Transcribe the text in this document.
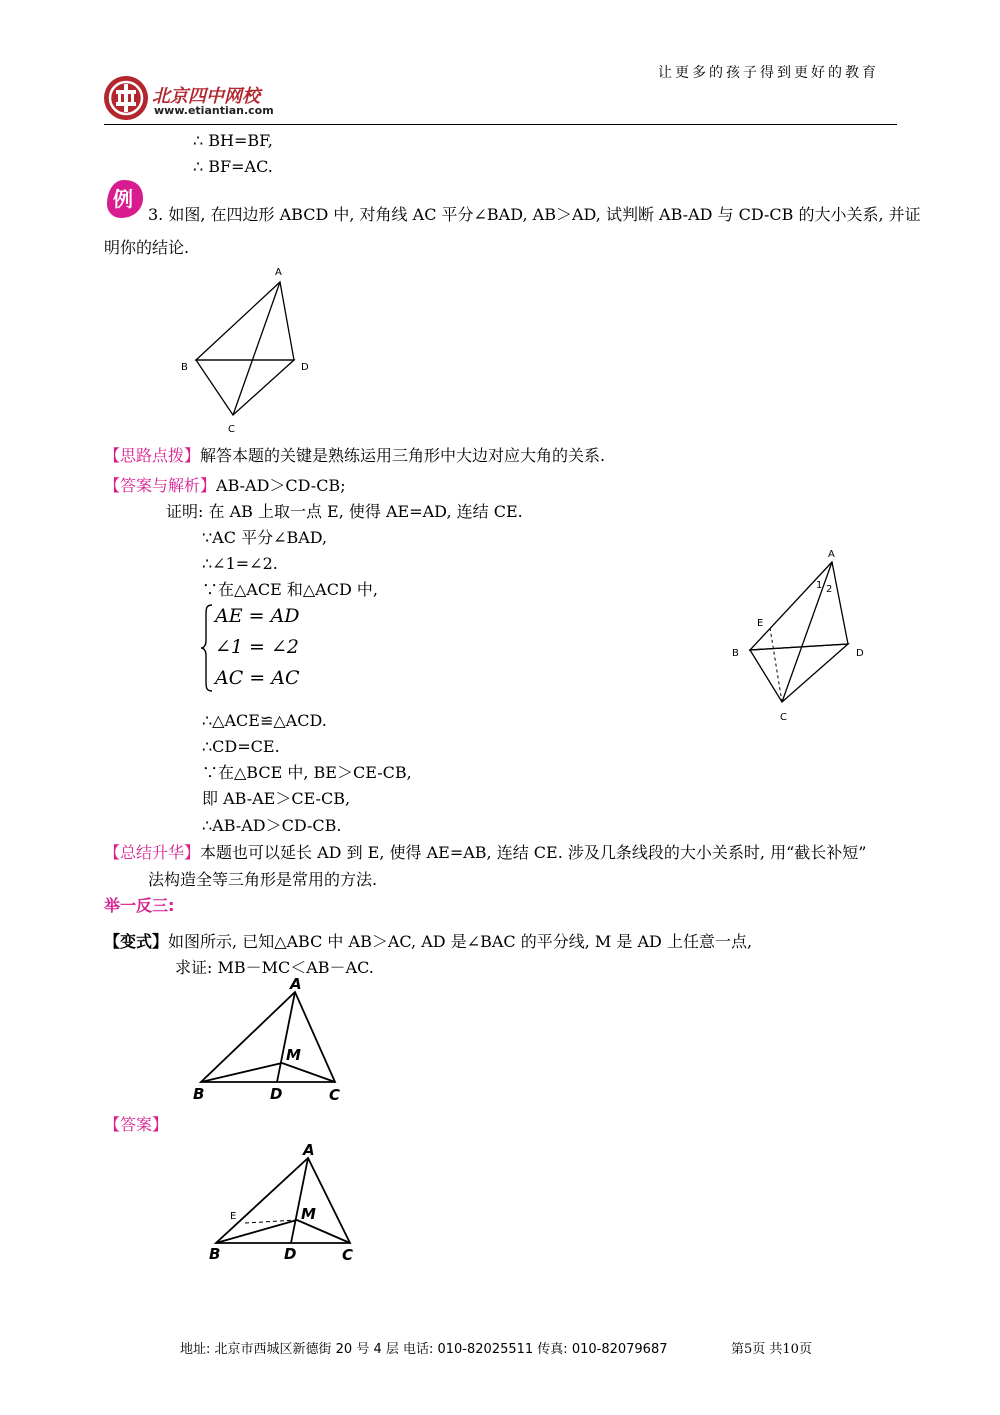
让更多的孩子得到更好的教育
北京四中网校
www.etiantian.com
∴ BH=BF,
∴ BF=AC.
例
3. 如图, 在四边形 ABCD 中, 对角线 AC 平分∠BAD, AB＞AD, 试判断 AB-AD 与 CD-CB 的大小关系, 并证
明你的结论.
A
B	D
C
【思路点拨】解答本题的关键是熟练运用三角形中大边对应大角的关系.
【答案与解析】AB-AD＞CD-CB;
证明: 在 AB 上取一点 E, 使得 AE=AD, 连结 CE.
∵AC 平分∠BAD,
∴∠1=∠2.
∵在△ACE 和△ACD 中,
AE = AD
∠1 = ∠2
AC = AC
∴△ACE≌△ACD.
∴CD=CE.
∵在△BCE 中, BE＞CE-CB,
即 AB-AE＞CE-CB,
∴AB-AD＞CD-CB.
A
B	D
C
E
1 2
【总结升华】本题也可以延长 AD 到 E, 使得 AE=AB, 连结 CE. 涉及几条线段的大小关系时, 用“截长补短”
法构造全等三角形是常用的方法.
举一反三:
【变式】如图所示, 已知△ABC 中 AB＞AC, AD 是∠BAC 的平分线, M 是 AD 上任意一点,
求证: MB－MC＜AB－AC.
A
B	D	C
M
【答案】
E
A
B	D	C
M
地址: 北京市西城区新德街 20 号 4 层 电话: 010-82025511 传真: 010-82079687	第5页 共10页
